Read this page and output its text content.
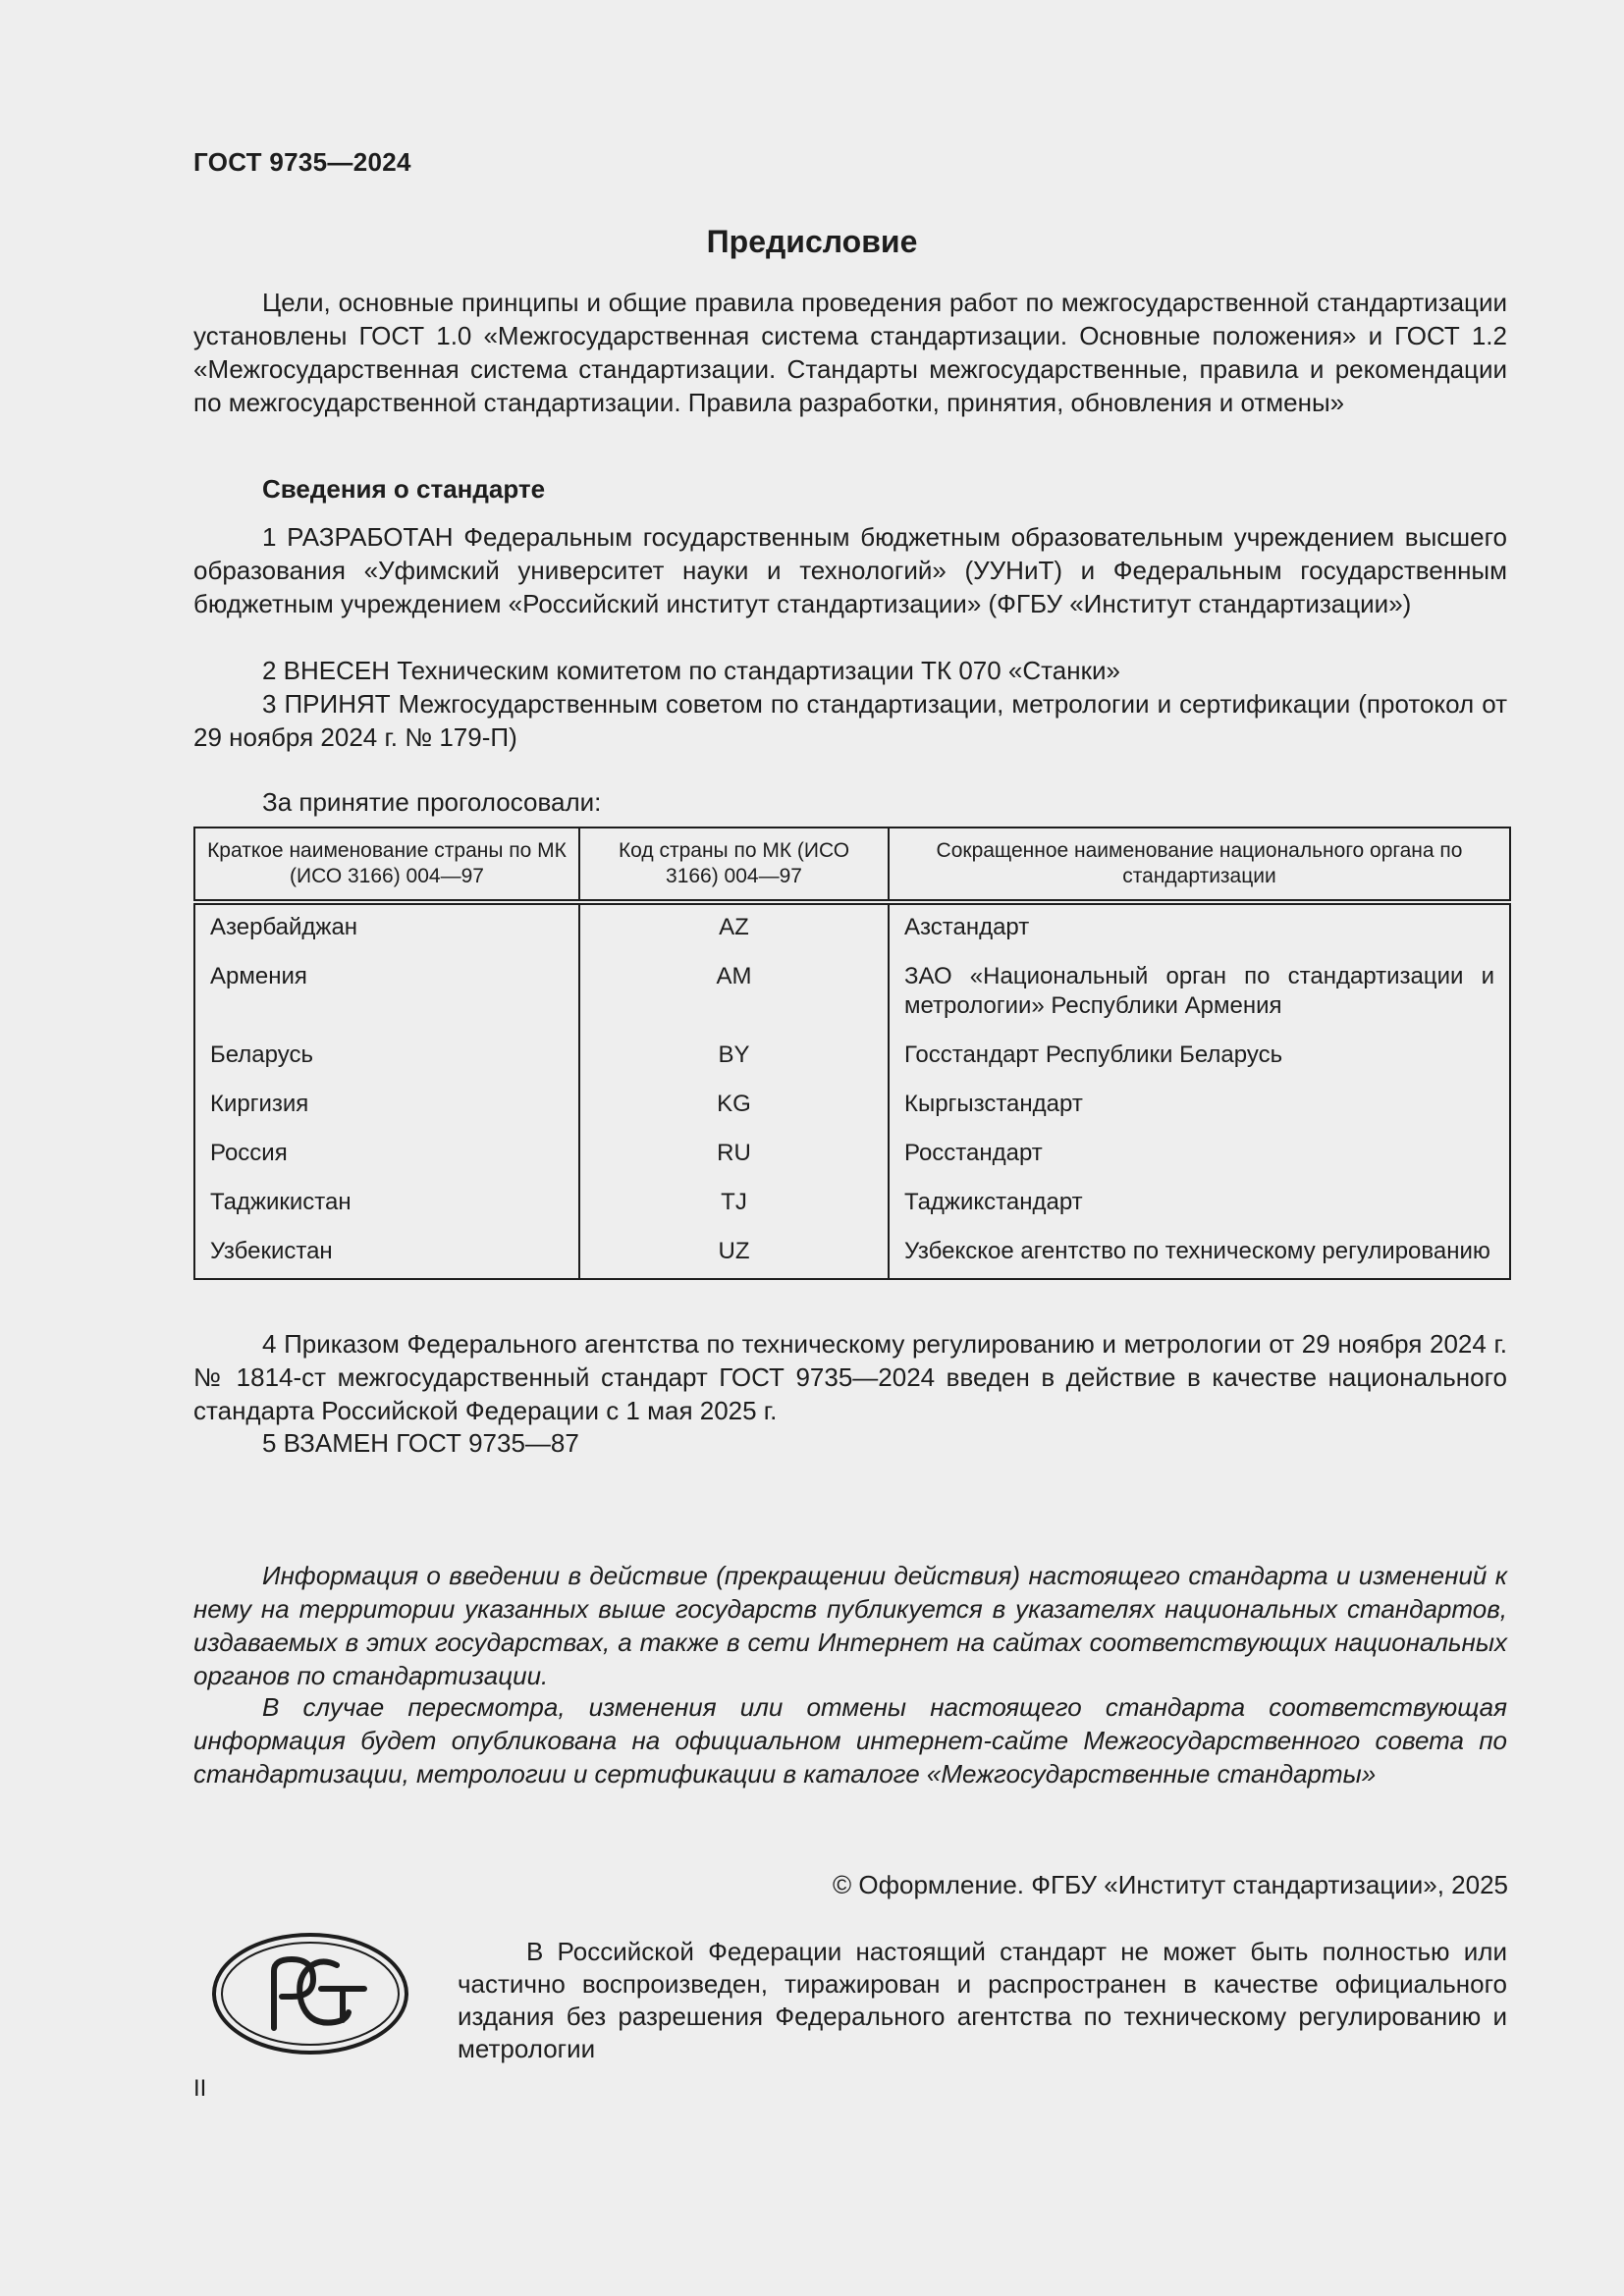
ГОСТ 9735—2024
Предисловие
Цели, основные принципы и общие правила проведения работ по межгосударственной стандартизации установлены ГОСТ 1.0 «Межгосударственная система стандартизации. Основные положения» и ГОСТ 1.2 «Межгосударственная система стандартизации. Стандарты межгосударственные, правила и рекомендации по межгосударственной стандартизации. Правила разработки, принятия, обновления и отмены»
Сведения о стандарте
1 РАЗРАБОТАН Федеральным государственным бюджетным образовательным учреждением высшего образования «Уфимский университет науки и технологий» (УУНиТ) и Федеральным государственным бюджетным учреждением «Российский институт стандартизации» (ФГБУ «Институт стандартизации»)
2 ВНЕСЕН Техническим комитетом по стандартизации ТК 070 «Станки»
3 ПРИНЯТ Межгосударственным советом по стандартизации, метрологии и сертификации (протокол от 29 ноября 2024 г. № 179-П)
За принятие проголосовали:
Краткое наименование страны по МК (ИСО 3166) 004—97	Код страны по МК (ИСО 3166) 004—97	Сокращенное наименование национального органа по стандартизации
Азербайджан	AZ	Азстандарт
Армения	AM	ЗАО «Национальный орган по стандартизации и метрологии» Республики Армения
Беларусь	BY	Госстандарт Республики Беларусь
Киргизия	KG	Кыргызстандарт
Россия	RU	Росстандарт
Таджикистан	TJ	Таджикстандарт
Узбекистан	UZ	Узбекское агентство по техническому регулированию
4 Приказом Федерального агентства по техническому регулированию и метрологии от 29 ноября 2024 г. № 1814-ст межгосударственный стандарт ГОСТ 9735—2024 введен в действие в качестве национального стандарта Российской Федерации с 1 мая 2025 г.
5 ВЗАМЕН ГОСТ 9735—87
Информация о введении в действие (прекращении действия) настоящего стандарта и изменений к нему на территории указанных выше государств публикуется в указателях национальных стандартов, издаваемых в этих государствах, а также в сети Интернет на сайтах соответствующих национальных органов по стандартизации.
В случае пересмотра, изменения или отмены настоящего стандарта соответствующая информация будет опубликована на официальном интернет-сайте Межгосударственного совета по стандартизации, метрологии и сертификации в каталоге «Межгосударственные стандарты»
© Оформление. ФГБУ «Институт стандартизации», 2025
В Российской Федерации настоящий стандарт не может быть полностью или частично воспроизведен, тиражирован и распространен в качестве официального издания без разрешения Федерального агентства по техническому регулированию и метрологии
II
